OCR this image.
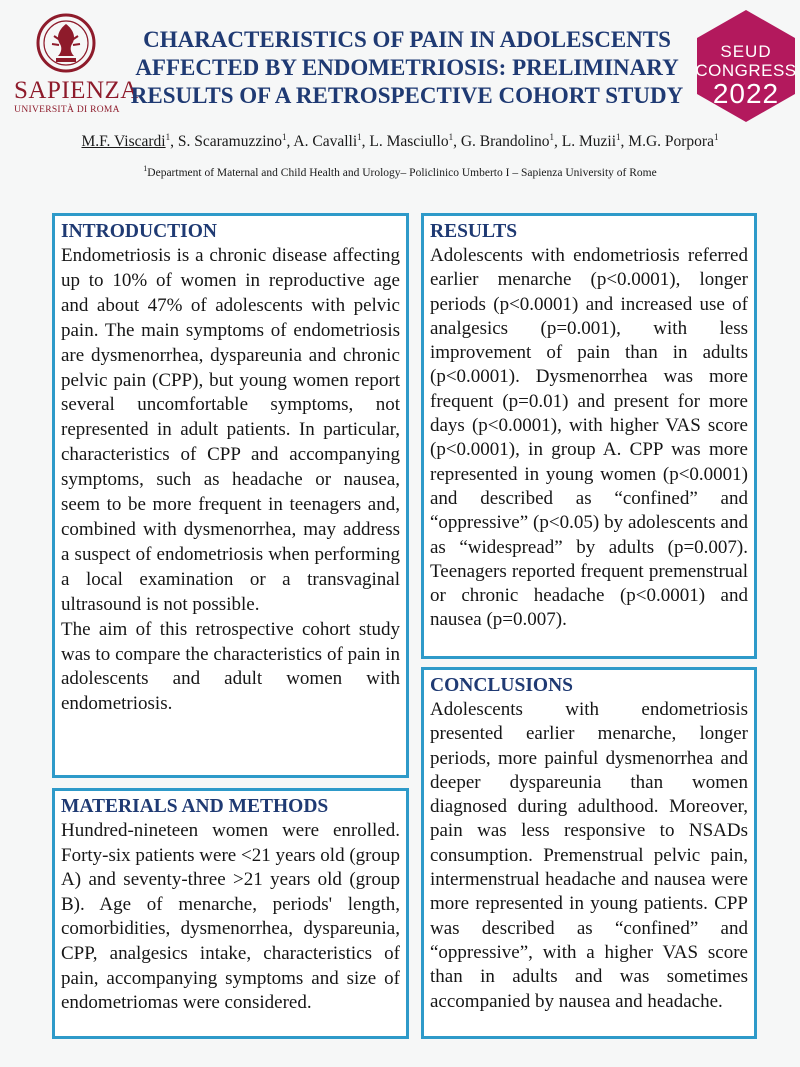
SAPIENZA
UNIVERSITÀ DI ROMA
CHARACTERISTICS OF PAIN IN ADOLESCENTS
AFFECTED BY ENDOMETRIOSIS: PRELIMINARY
RESULTS OF A RETROSPECTIVE COHORT STUDY
SEUD
CONGRESS
2022
M.F. Viscardi$^1$, S. Scaramuzzino$^1$, A. Cavalli$^1$, L. Masciullo$^1$, G. Brandolino$^1$, L. Muzii$^1$, M.G. Porpora$^1$
$^1$Department of Maternal and Child Health and Urology– Policlinico Umberto I – Sapienza University of Rome
INTRODUCTION

Endometriosis is a chronic disease affecting up to 10% of women in reproductive age and about 47% of adolescents with pelvic pain. The main symptoms of endometriosis are dysmenorrhea, dyspareunia and chronic pelvic pain (CPP), but young women report several uncomfortable symptoms, not represented in adult patients. In particular, characteristics of CPP and accompanying symptoms, such as headache or nausea, seem to be more frequent in teenagers and, combined with dysmenorrhea, may address a suspect of endometriosis when performing a local examination or a transvaginal ultrasound is not possible.

The aim of this retrospective cohort study was to compare the characteristics of pain in adolescents and adult women with endometriosis.

MATERIALS AND METHODS

Hundred-nineteen women were enrolled. Forty-six patients were <21 years old (group A) and seventy-three >21 years old (group B). Age of menarche, periods' length, comorbidities, dysmenorrhea, dyspareunia, CPP, analgesics intake, characteristics of pain, accompanying symptoms and size of endometriomas were considered.

RESULTS

Adolescents with endometriosis referred earlier menarche (p<0.0001), longer periods (p<0.0001) and increased use of analgesics (p=0.001), with less improvement of pain than in adults (p<0.0001). Dysmenorrhea was more frequent (p=0.01) and present for more days (p<0.0001), with higher VAS score (p<0.0001), in group A. CPP was more represented in young women (p<0.0001) and described as “confined” and “oppressive” (p<0.05) by adolescents and as “widespread” by adults (p=0.007). Teenagers reported frequent premenstrual or chronic headache (p<0.0001) and nausea (p=0.007).

CONCLUSIONS

Adolescents with endometriosis presented earlier menarche, longer periods, more painful dysmenorrhea and deeper dyspareunia than women diagnosed during adulthood. Moreover, pain was less responsive to NSADs consumption. Premenstrual pelvic pain, intermenstrual headache and nausea were more represented in young patients. CPP was described as “confined” and “oppressive”, with a higher VAS score than in adults and was sometimes accompanied by nausea and headache.
